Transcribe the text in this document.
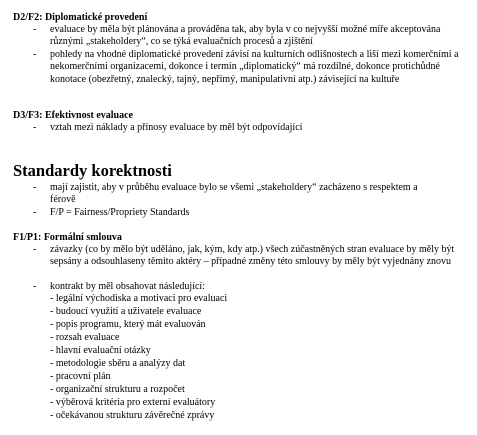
D2/F2: Diplomatické provedení
- evaluace by měla být plánována a prováděna tak, aby byla v co nejvyšší možné míře akceptována různými „stakeholdery“, co se týká evaluačních procesů a zjištění
- pohledy na vhodné diplomatické provedení závisí na kulturních odlišnostech a liší mezi komerčními a nekomerčními organizacemi, dokonce i termín „diplomatický“ má rozdílné, dokonce protichůdné konotace (obezřetný, znalecký, tajný, nepřímý, manipulativní atp.) závisející na kultuře
D3/F3: Efektivnost evaluace
- vztah mezi náklady a přínosy evaluace by měl být odpovídající
Standardy korektnosti
- mají zajistit, aby v průběhu evaluace bylo se všemi „stakeholdery“ zacházeno s respektem a férově
- F/P = Fairness/Propriety Standards
F1/P1: Formální smlouva
- závazky (co by mělo být uděláno, jak, kým, kdy atp.) všech zúčastněných stran evaluace by měly být sepsány a odsouhlaseny těmito aktéry – případné změny této smlouvy by měly být vyjednány znovu
- kontrakt by měl obsahovat následující:
- legální východiska a motivaci pro evaluaci
- budoucí využití a uživatele evaluace
- popis programu, který mát evaluován
- rozsah evaluace
- hlavní evaluační otázky
- metodologie sběru a analýzy dat
- pracovní plán
- organizační strukturu a rozpočet
- výběrová kritéria pro externí evaluátory
- očekávanou strukturu závěrečné zprávy
